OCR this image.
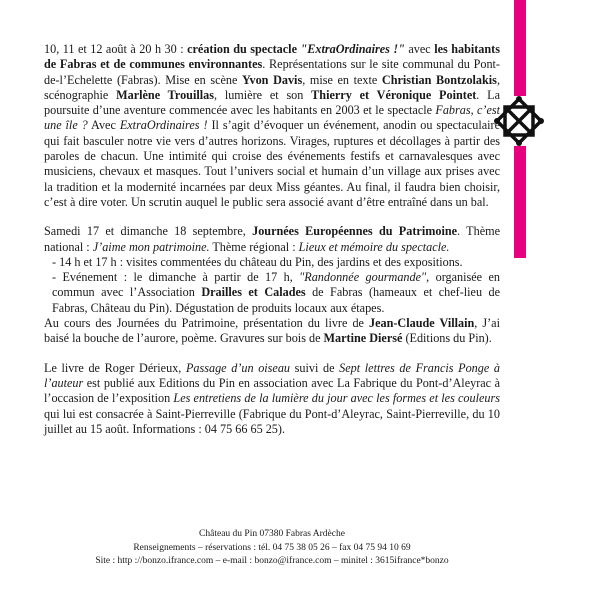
10, 11 et 12 août à 20 h 30 : création du spectacle "ExtraOrdinaires !" avec les habitants de Fabras et de communes environnantes. Représentations sur le site communal du Pont-de-l’Echelette (Fabras). Mise en scène Yvon Davis, mise en texte Christian Bontzolakis, scénographie Marlène Trouillas, lumière et son Thierry et Véronique Pointet. La poursuite d’une aventure commencée avec les habitants en 2003 et le spectacle Fabras, c’est une île ? Avec ExtraOrdinaires ! Il s’agit d’évoquer un événement, anodin ou spectaculaire qui fait basculer notre vie vers d’autres horizons. Virages, ruptures et décollages à partir des paroles de chacun. Une intimité qui croise des événements festifs et carnavalesques avec musiciens, chevaux et masques. Tout l’univers social et humain d’un village aux prises avec la tradition et la modernité incarnées par deux Miss géantes. Au final, il faudra bien choisir, c’est à dire voter. Un scrutin auquel le public sera associé avant d’être entraîné dans un bal.

Samedi 17 et dimanche 18 septembre, Journées Européennes du Patrimoine. Thème national : J’aime mon patrimoine. Thème régional : Lieux et mémoire du spectacle.
- 14 h et 17 h : visites commentées du château du Pin, des jardins et des expositions.
- Evénement : le dimanche à partir de 17 h, "Randonnée gourmande", organisée en commun avec l’Association Drailles et Calades de Fabras (hameaux et chef-lieu de Fabras, Château du Pin). Dégustation de produits locaux aux étapes.
Au cours des Journées du Patrimoine, présentation du livre de Jean-Claude Villain, J’ai baisé la bouche de l’aurore, poème. Gravures sur bois de Martine Diersé (Editions du Pin).

Le livre de Roger Dérieux, Passage d’un oiseau suivi de Sept lettres de Francis Ponge à l’auteur est publié aux Editions du Pin en association avec La Fabrique du Pont-d’Aleyrac à l’occasion de l’exposition Les entretiens de la lumière du jour avec les formes et les couleurs qui lui est consacrée à Saint-Pierreville (Fabrique du Pont-d’Aleyrac, Saint-Pierreville, du 10 juillet au 15 août. Informations : 04 75 66 65 25).

Château du Pin 07380 Fabras Ardèche
Renseignements – réservations : tél. 04 75 38 05 26 – fax 04 75 94 10 69
Site : http ://bonzo.ifrance.com – e-mail : bonzo@ifrance.com – minitel : 3615ifrance*bonzo
